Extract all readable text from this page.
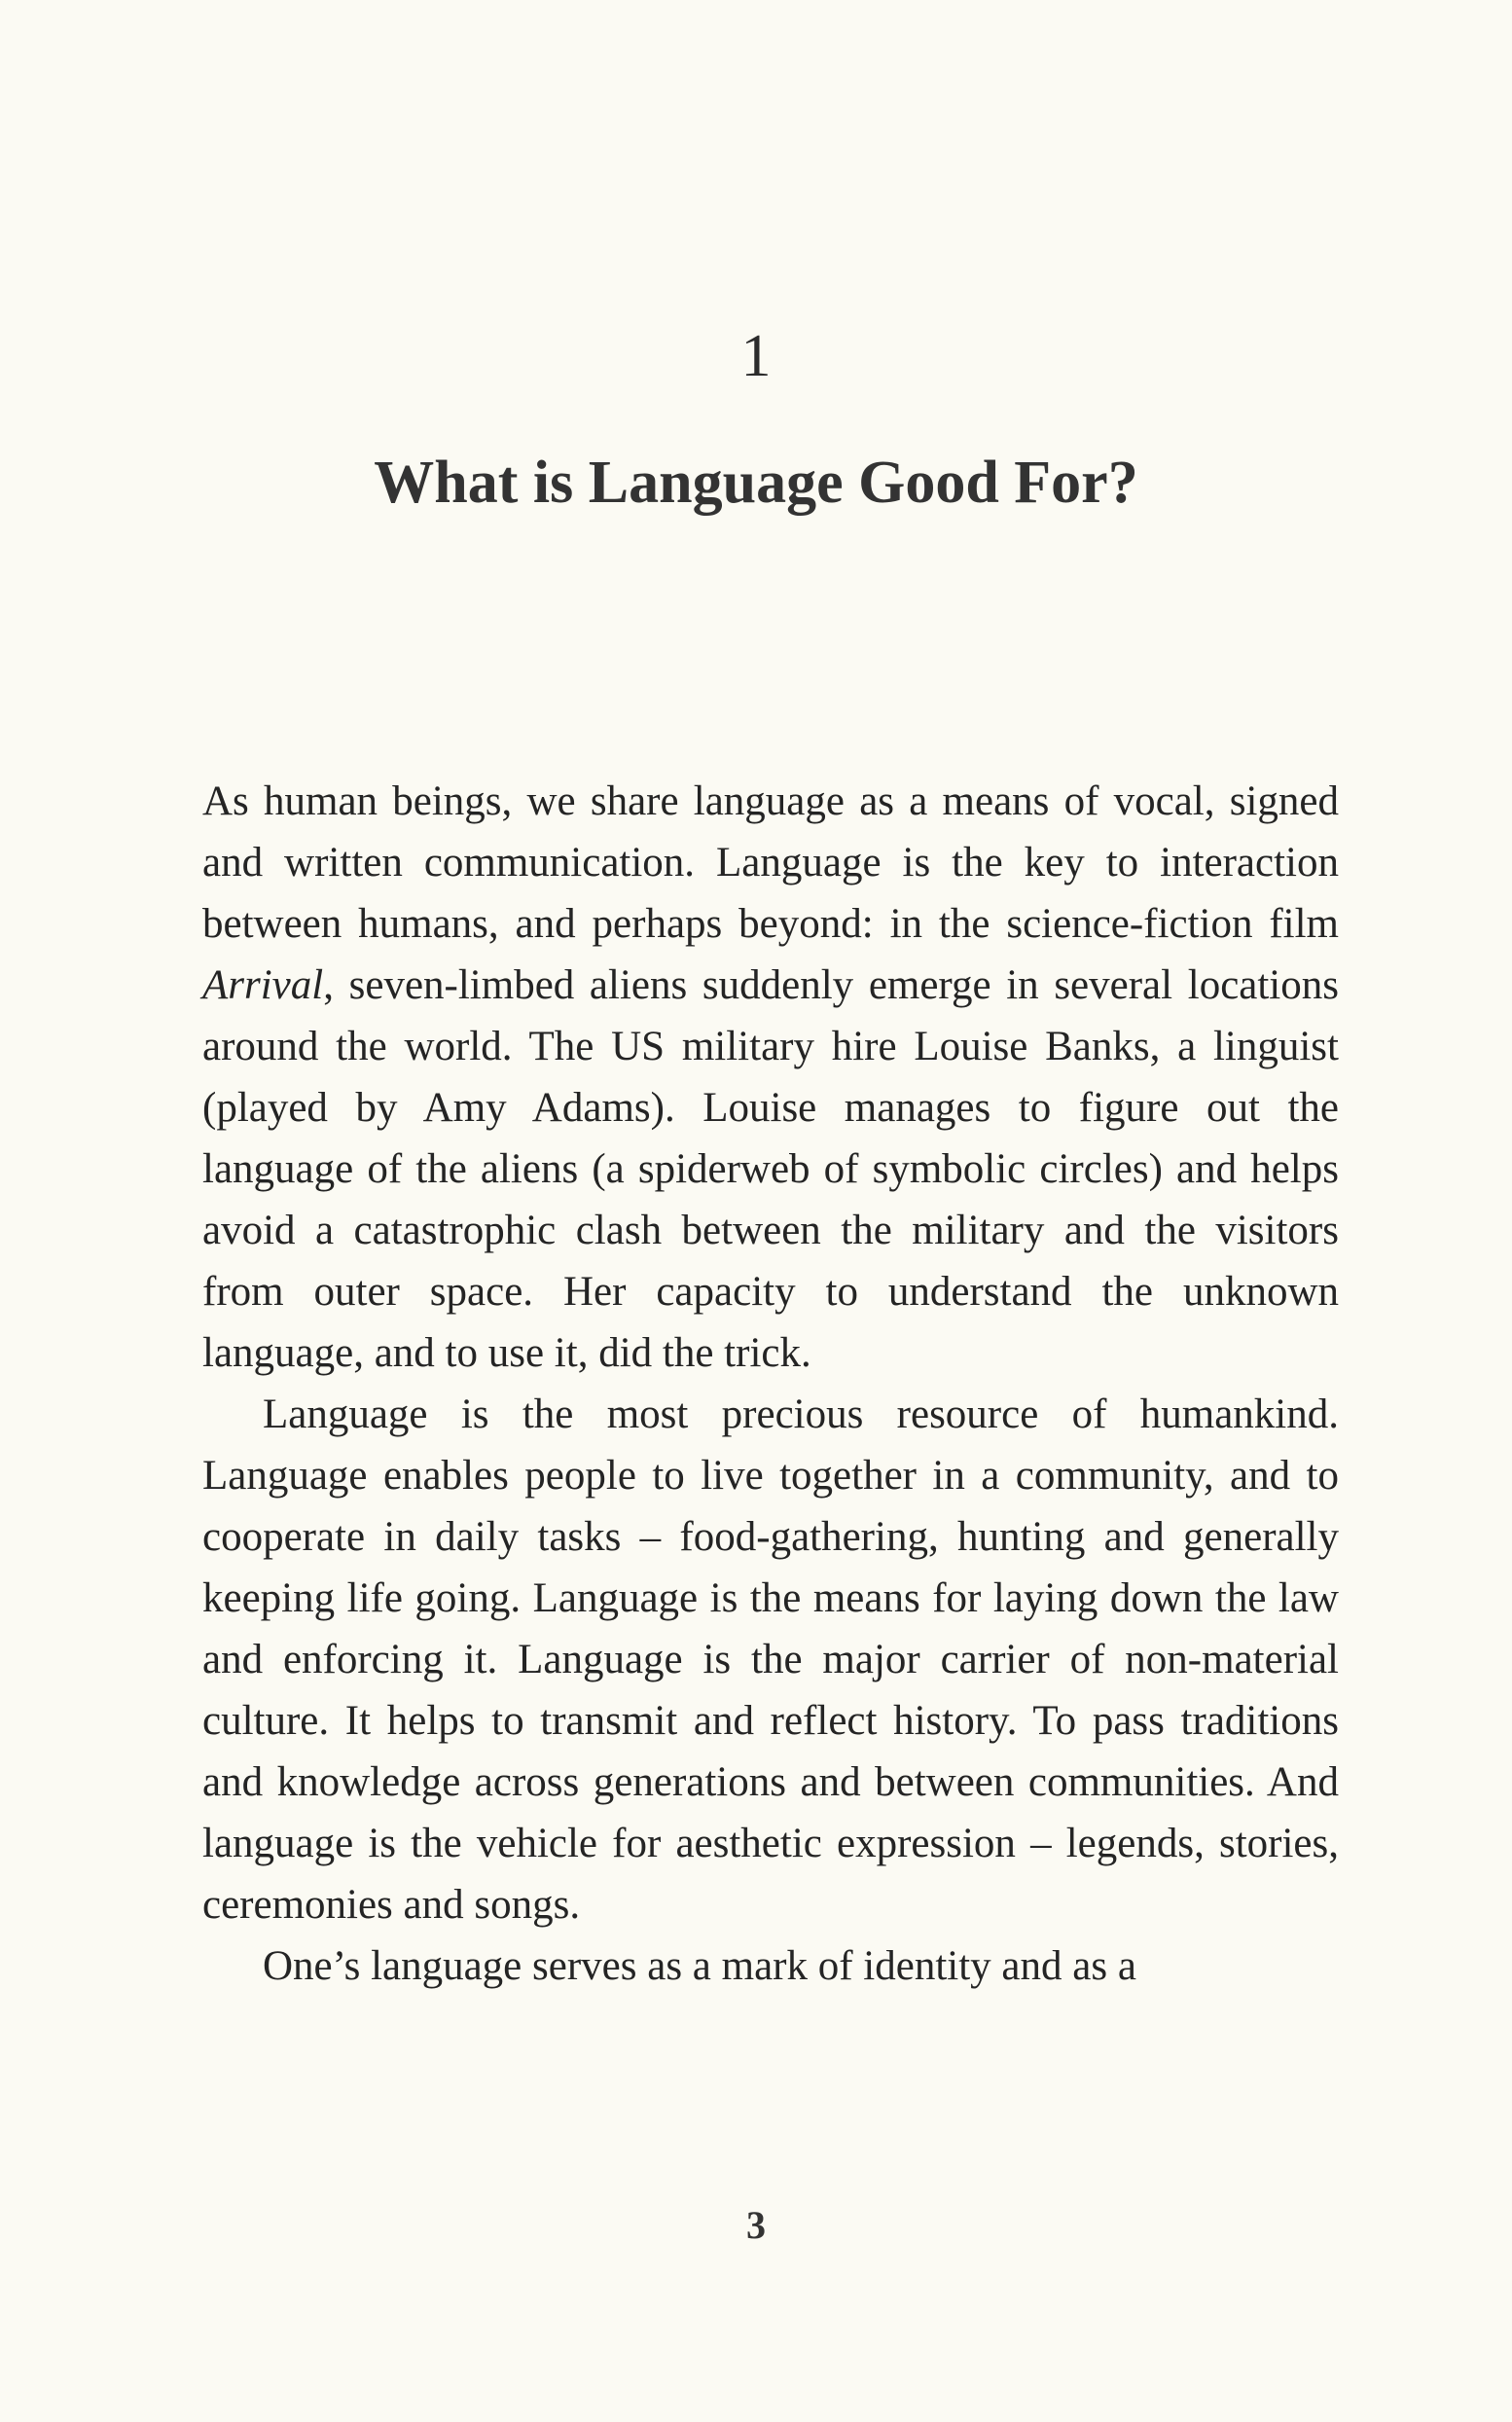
1
What is Language Good For?

As human beings, we share language as a means of vocal, signed and written communication. Language is the key to interaction between humans, and perhaps beyond: in the science-fiction film Arrival, seven-limbed aliens suddenly emerge in several locations around the world. The US military hire Louise Banks, a linguist (played by Amy Adams). Louise manages to figure out the language of the aliens (a spiderweb of symbolic circles) and helps avoid a catastrophic clash between the military and the visitors from outer space. Her capacity to understand the unknown language, and to use it, did the trick.

Language is the most precious resource of humankind. Language enables people to live together in a community, and to cooperate in daily tasks – food-gathering, hunting and generally keeping life going. Language is the means for laying down the law and enforcing it. Language is the major carrier of non-material culture. It helps to transmit and reflect history. To pass traditions and knowledge across generations and between communities. And language is the vehicle for aesthetic expression – legends, stories, ceremonies and songs.

One’s language serves as a mark of identity and as a

3
